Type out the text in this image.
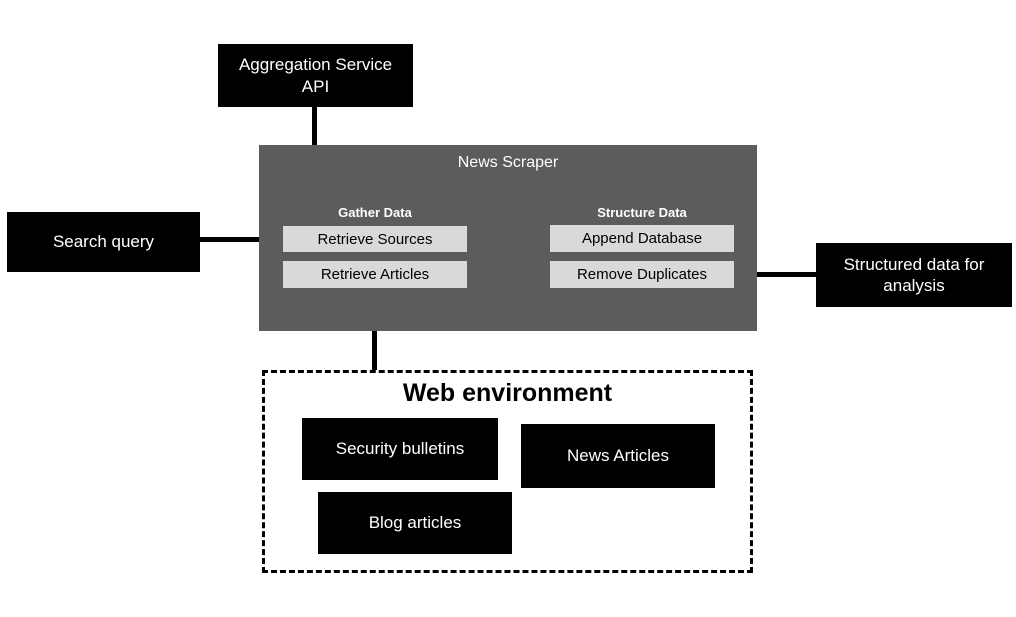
Aggregation Service API
Search query
Structured data for analysis
News Scraper
Gather Data
Retrieve Sources
Retrieve Articles
Structure Data
Append Database
Remove Duplicates
Web environment
Security bulletins	News Articles
Blog articles
